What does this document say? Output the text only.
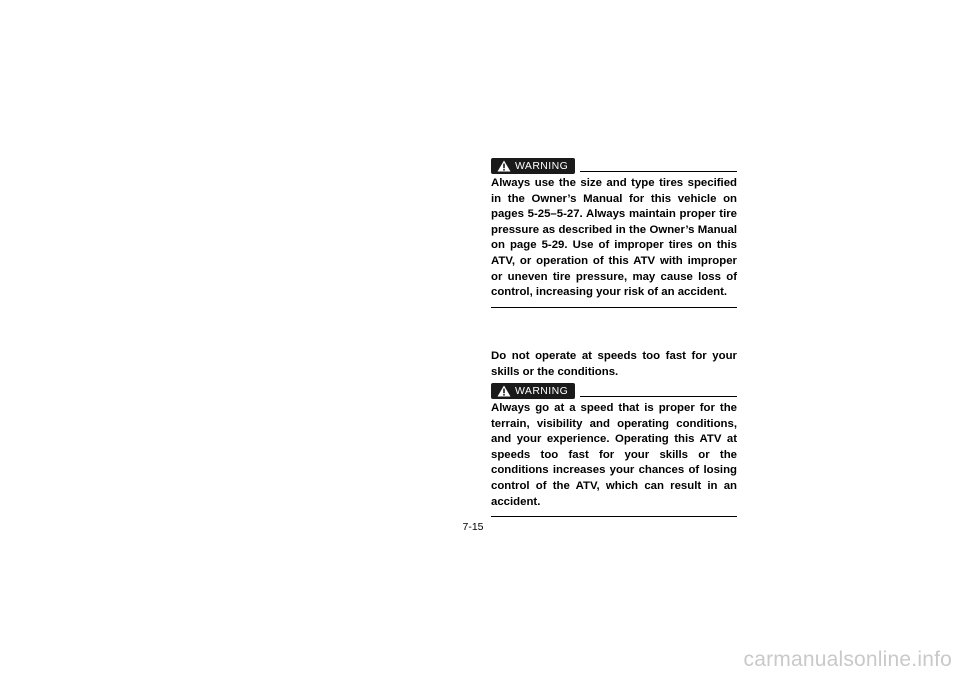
WARNING

Always use the size and type tires specified in the Owner’s Manual for this vehicle on pages 5-25–5-27. Always maintain proper tire pressure as described in the Owner’s Manual on page 5-29. Use of improper tires on this ATV, or operation of this ATV with improper or uneven tire pressure, may cause loss of control, increasing your risk of an accident.

Do not operate at speeds too fast for your skills or the conditions.

WARNING

Always go at a speed that is proper for the terrain, visibility and operating conditions, and your experience. Operating this ATV at speeds too fast for your skills or the conditions increases your chances of losing control of the ATV, which can result in an accident.

7-15
carmanualsonline.info
